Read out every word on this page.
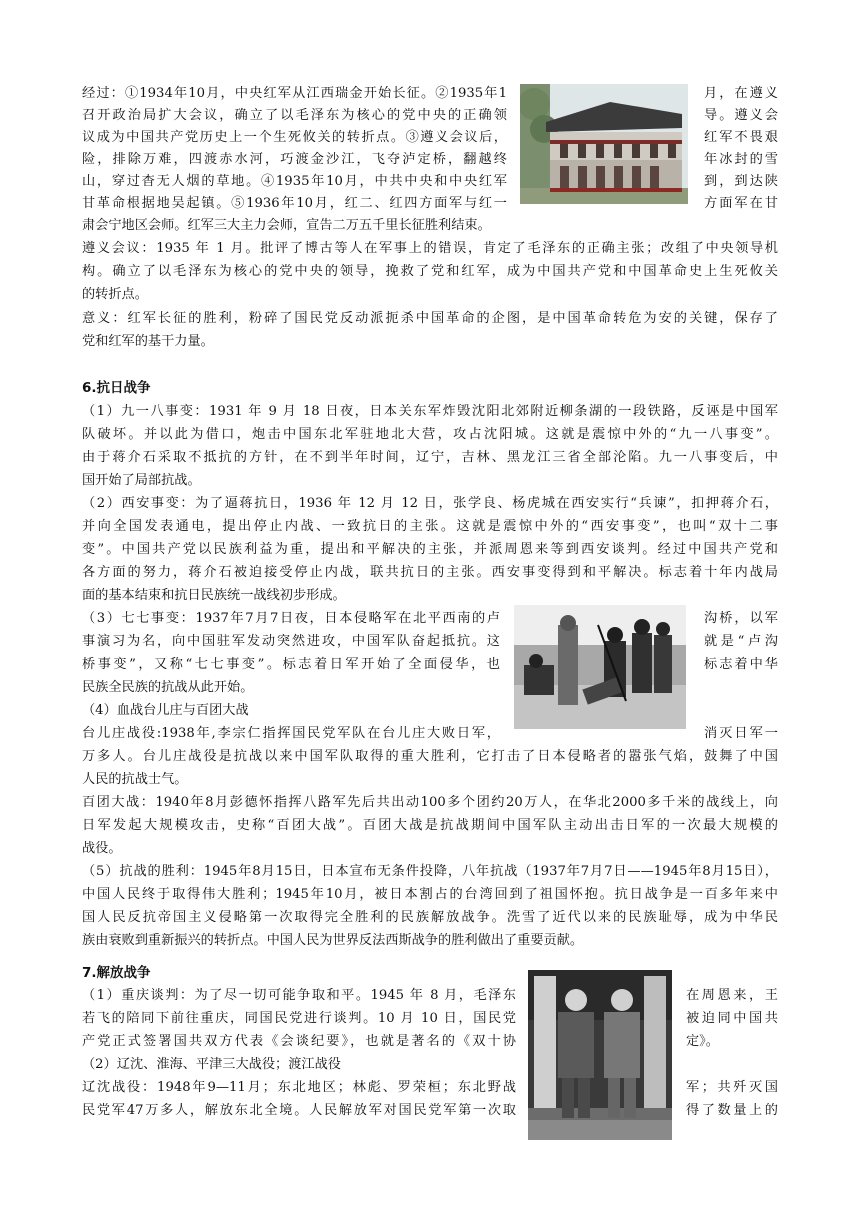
经过：①1934年10月，中央红军从江西瑞金开始长征。②1935年1	月，在遵义
召开政治局扩大会议，确立了以毛泽东为核心的党中央的正确领	导。遵义会
议成为中国共产党历史上一个生死攸关的转折点。③遵义会议后，	红军不畏艰
险，排除万难，四渡赤水河，巧渡金沙江，飞夺泸定桥，翻越终	年冰封的雪
山，穿过杳无人烟的草地。④1935年10月，中共中央和中央红军	到，到达陕
甘革命根据地吴起镇。⑤1936年10月，红二、红四方面军与红一	方面军在甘
肃会宁地区会师。红军三大主力会师，宣告二万五千里长征胜利结束。
遵义会议：1935 年 1 月。批评了博古等人在军事上的错误，肯定了毛泽东的正确主张；改组了中央领导机
构。确立了以毛泽东为核心的党中央的领导，挽救了党和红军，成为中国共产党和中国革命史上生死攸关
的转折点。
意义：红军长征的胜利，粉碎了国民党反动派扼杀中国革命的企图，是中国革命转危为安的关键，保存了
党和红军的基干力量。
6.抗日战争
（1）九一八事变：1931 年 9 月 18 日夜，日本关东军炸毁沈阳北郊附近柳条湖的一段铁路，反诬是中国军
队破坏。并以此为借口，炮击中国东北军驻地北大营，攻占沈阳城。这就是震惊中外的“九一八事变”。
由于蒋介石采取不抵抗的方针，在不到半年时间，辽宁，吉林、黑龙江三省全部沦陷。九一八事变后，中
国开始了局部抗战。
（2）西安事变：为了逼蒋抗日，1936 年 12 月 12 日，张学良、杨虎城在西安实行“兵谏”，扣押蒋介石，
并向全国发表通电，提出停止内战、一致抗日的主张。这就是震惊中外的“西安事变”，也叫“双十二事
变”。中国共产党以民族利益为重，提出和平解决的主张，并派周恩来等到西安谈判。经过中国共产党和
各方面的努力，蒋介石被迫接受停止内战，联共抗日的主张。西安事变得到和平解决。标志着十年内战局
面的基本结束和抗日民族统一战线初步形成。
（3）七七事变：1937年7月7日夜，日本侵略军在北平西南的卢	沟桥，以军
事演习为名，向中国驻军发动突然进攻，中国军队奋起抵抗。这	就是“卢沟
桥事变”，又称“七七事变”。标志着日军开始了全面侵华，也	标志着中华
民族全民族的抗战从此开始。
（4）血战台儿庄与百团大战
台儿庄战役:1938年,李宗仁指挥国民党军队在台儿庄大败日军，	消灭日军一
万多人。台儿庄战役是抗战以来中国军队取得的重大胜利，它打击了日本侵略者的嚣张气焰，鼓舞了中国
人民的抗战士气。
百团大战：1940年8月彭德怀指挥八路军先后共出动100多个团约20万人，在华北2000多千米的战线上，向
日军发起大规模攻击，史称“百团大战”。百团大战是抗战期间中国军队主动出击日军的一次最大规模的
战役。
（5）抗战的胜利：1945年8月15日，日本宣布无条件投降，八年抗战（1937年7月7日——1945年8月15日），
中国人民终于取得伟大胜利；1945年10月，被日本割占的台湾回到了祖国怀抱。抗日战争是一百多年来中
国人民反抗帝国主义侵略第一次取得完全胜利的民族解放战争。洗雪了近代以来的民族耻辱，成为中华民
族由衰败到重新振兴的转折点。中国人民为世界反法西斯战争的胜利做出了重要贡献。
7.解放战争
（1）重庆谈判：为了尽一切可能争取和平。1945 年 8 月，毛泽东	在周恩来，王
若飞的陪同下前往重庆，同国民党进行谈判。10 月 10 日，国民党	被迫同中国共
产党正式签署国共双方代表《会谈纪要》，也就是著名的《双十协	定》。
（2）辽沈、淮海、平津三大战役；渡江战役
辽沈战役：1948年9—11月；东北地区；林彪、罗荣桓；东北野战	军；共歼灭国
民党军47万多人，解放东北全境。人民解放军对国民党军第一次取	得了数量上的
